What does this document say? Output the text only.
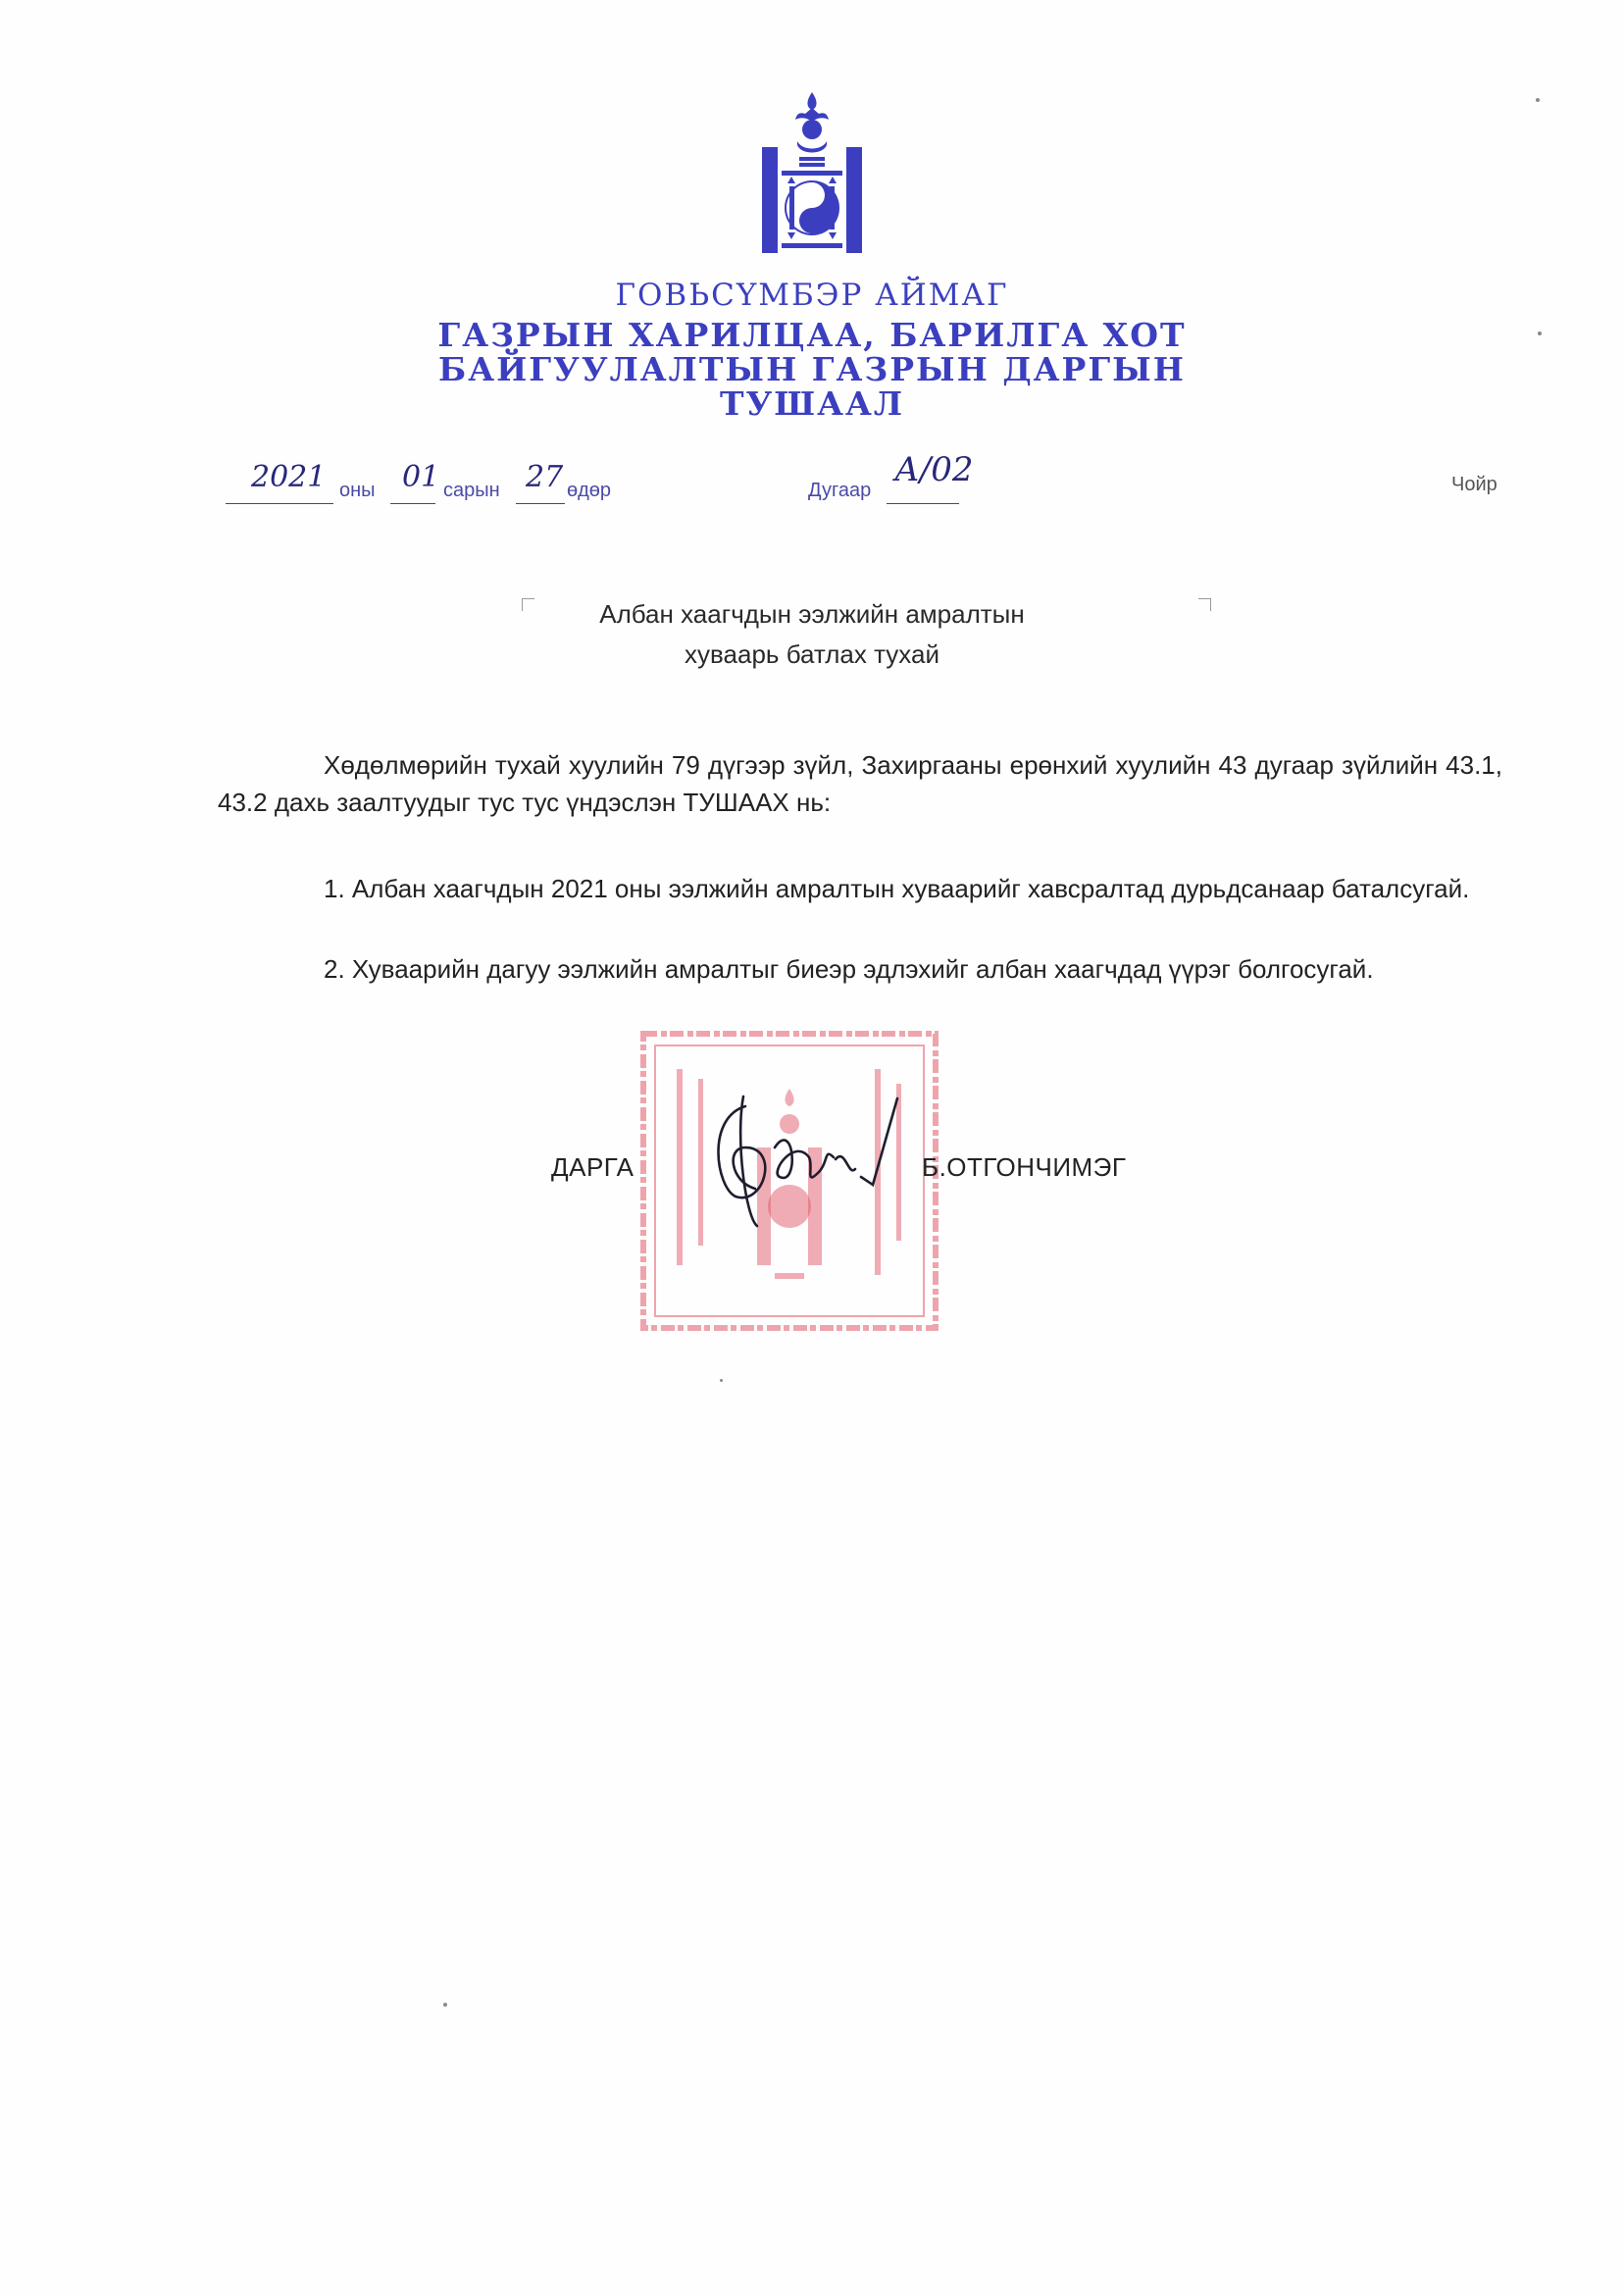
ГОВЬСҮМБЭР АЙМАГ
ГАЗРЫН ХАРИЛЦАА, БАРИЛГА ХОТ
БАЙГУУЛАЛТЫН ГАЗРЫН ДАРГЫН
ТУШААЛ
2021 оны 01 сарын 27 өдөр	Дугаар
А/02	Чойр
Албан хаагчдын ээлжийн амралтын
хуваарь батлах тухай
Хөдөлмөрийн тухай хуулийн 79 дүгээр зүйл, Захиргааны ерөнхий хуулийн 43 дугаар зүйлийн 43.1, 43.2 дахь заалтуудыг тус тус үндэслэн ТУШААХ нь:
1. Албан хаагчдын 2021 оны ээлжийн амралтын хуваарийг хавсралтад дурьдсанаар баталсугай.
2. Хуваарийн дагуу ээлжийн амралтыг биеэр эдлэхийг албан хаагчдад үүрэг болгосугай.
ДАРГА	Б.ОТГОНЧИМЭГ
